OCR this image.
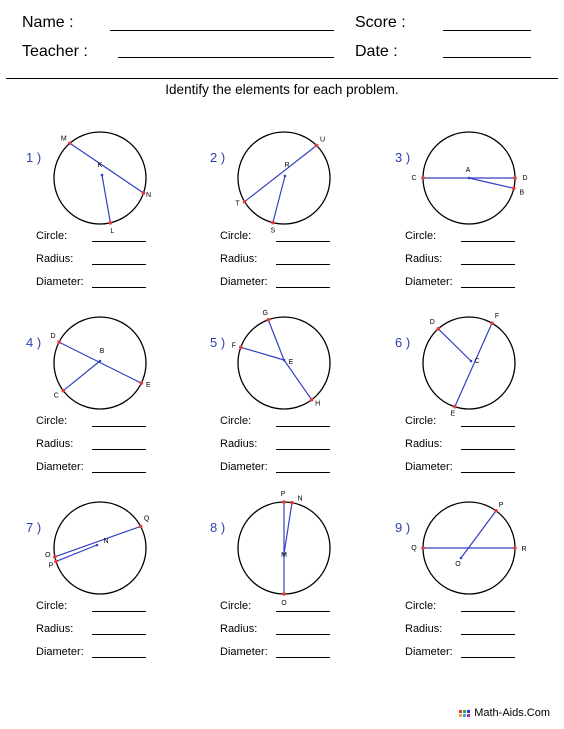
Name :	Score :
Teacher :	Date :
Identify the elements for each problem.
1 )
M
K
N
L
Circle:
Radius:
Diameter:
2 )
U
R
T
S
Circle:
Radius:
Diameter:
3 )
C
A
D
B
Circle:
Radius:
Diameter:
4 ) D
B
E
C
Circle:
Radius:
Diameter:
5 )
G
F
E
H
Circle:
Radius:
Diameter:
6 )
F
D
C
E
Circle:
Radius:
Diameter:
7 )
Q
N
O
P
Circle:
Radius:
Diameter:
8 )
P
N
M
O
Circle:
Radius:
Diameter:
9 )
P
Q
O
R
Circle:
Radius:
Diameter:
Math-Aids.Com
